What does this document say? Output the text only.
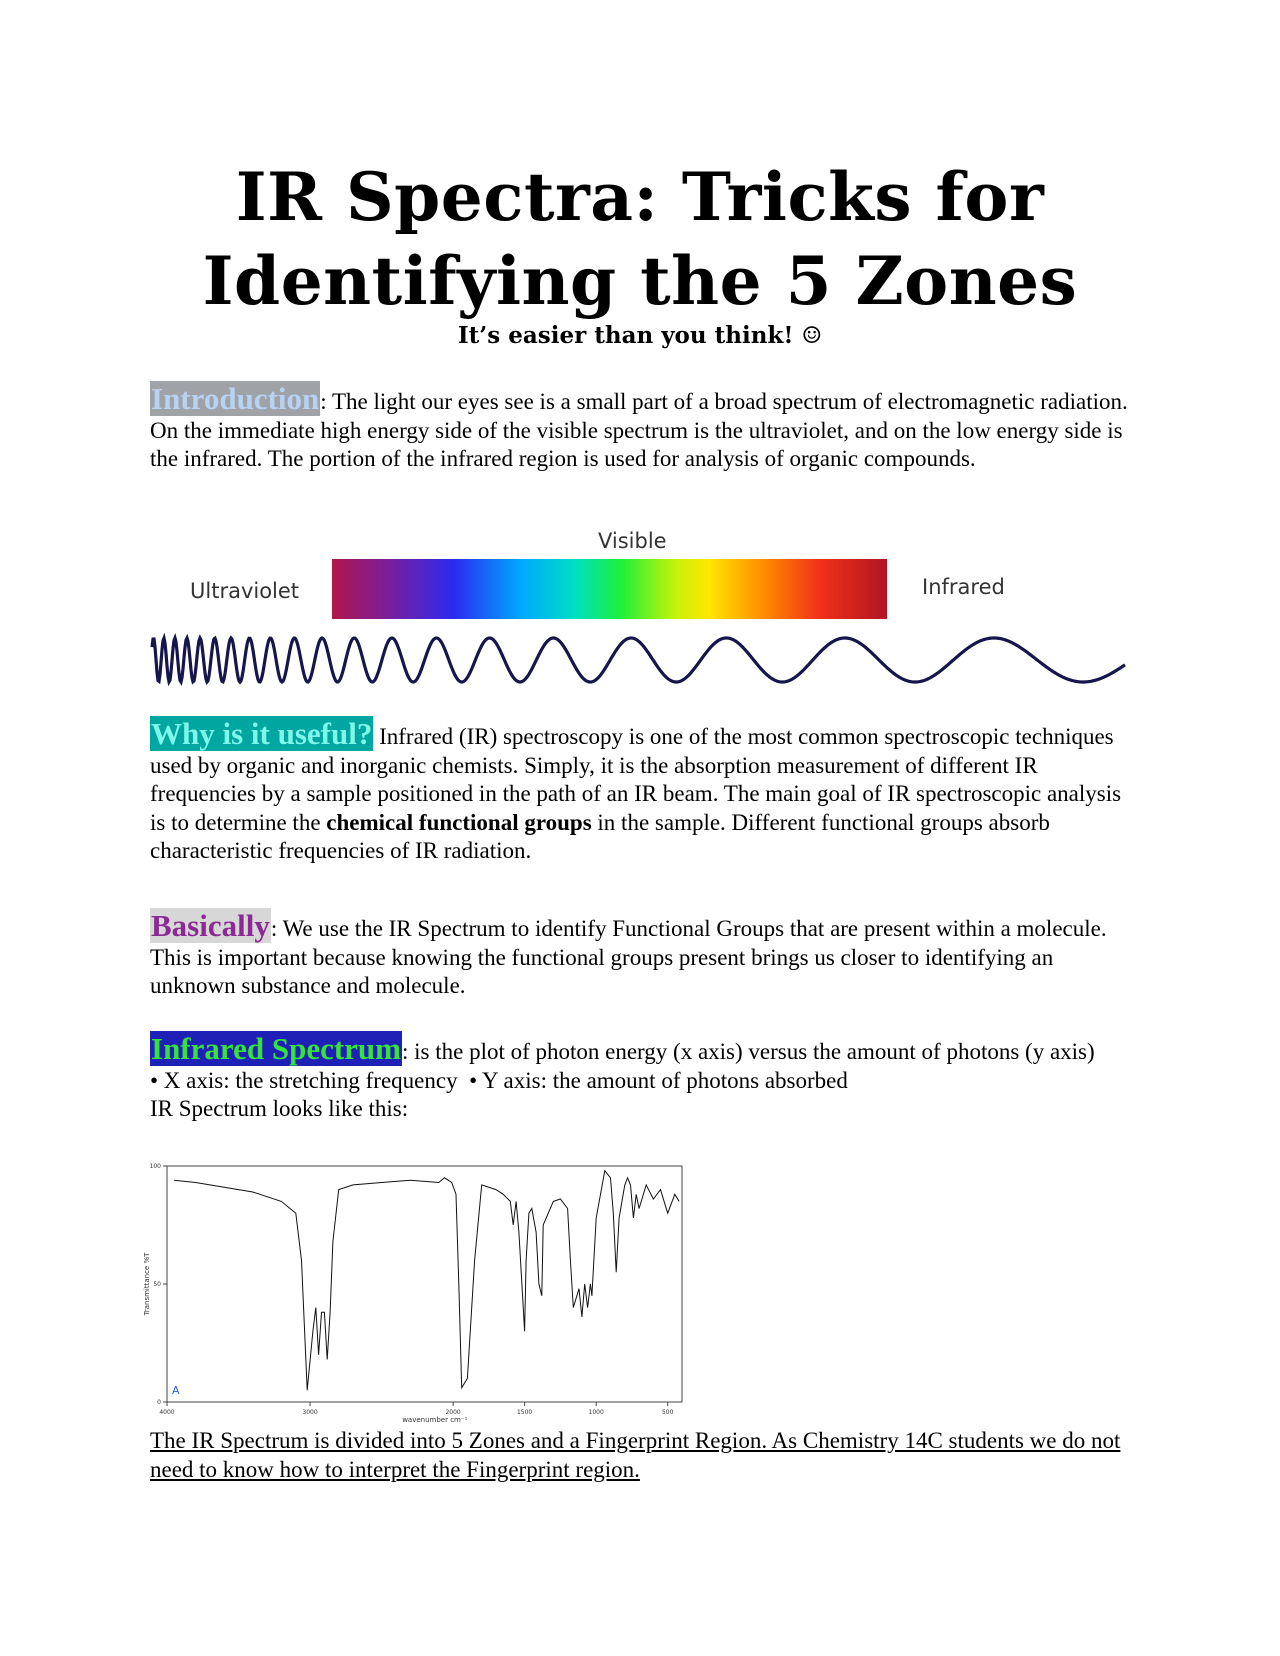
IR Spectra: Tricks for
Identifying the 5 Zones
It’s easier than you think! ☺
Introduction: The light our eyes see is a small part of a broad spectrum of electromagnetic radiation. On the immediate high energy side of the visible spectrum is the ultraviolet, and on the low energy side is the infrared. The portion of the infrared region is used for analysis of organic compounds.
Visible
Ultraviolet	Infrared
Why is it useful? Infrared (IR) spectroscopy is one of the most common spectroscopic techniques used by organic and inorganic chemists. Simply, it is the absorption measurement of different IR frequencies by a sample positioned in the path of an IR beam. The main goal of IR spectroscopic analysis is to determine the chemical functional groups in the sample. Different functional groups absorb characteristic frequencies of IR radiation.
Basically: We use the IR Spectrum to identify Functional Groups that are present within a molecule. This is important because knowing the functional groups present brings us closer to identifying an unknown substance and molecule.
Infrared Spectrum: is the plot of photon energy (x axis) versus the amount of photons (y axis)
• X axis: the stretching frequency  • Y axis: the amount of photons absorbed
IR Spectrum looks like this:
4000	3000	2000	1500	1000	500
100
50
0
wavenumber cm⁻¹
Transmittance %T
A
The IR Spectrum is divided into 5 Zones and a Fingerprint Region. As Chemistry 14C students we do not need to know how to interpret the Fingerprint region.
